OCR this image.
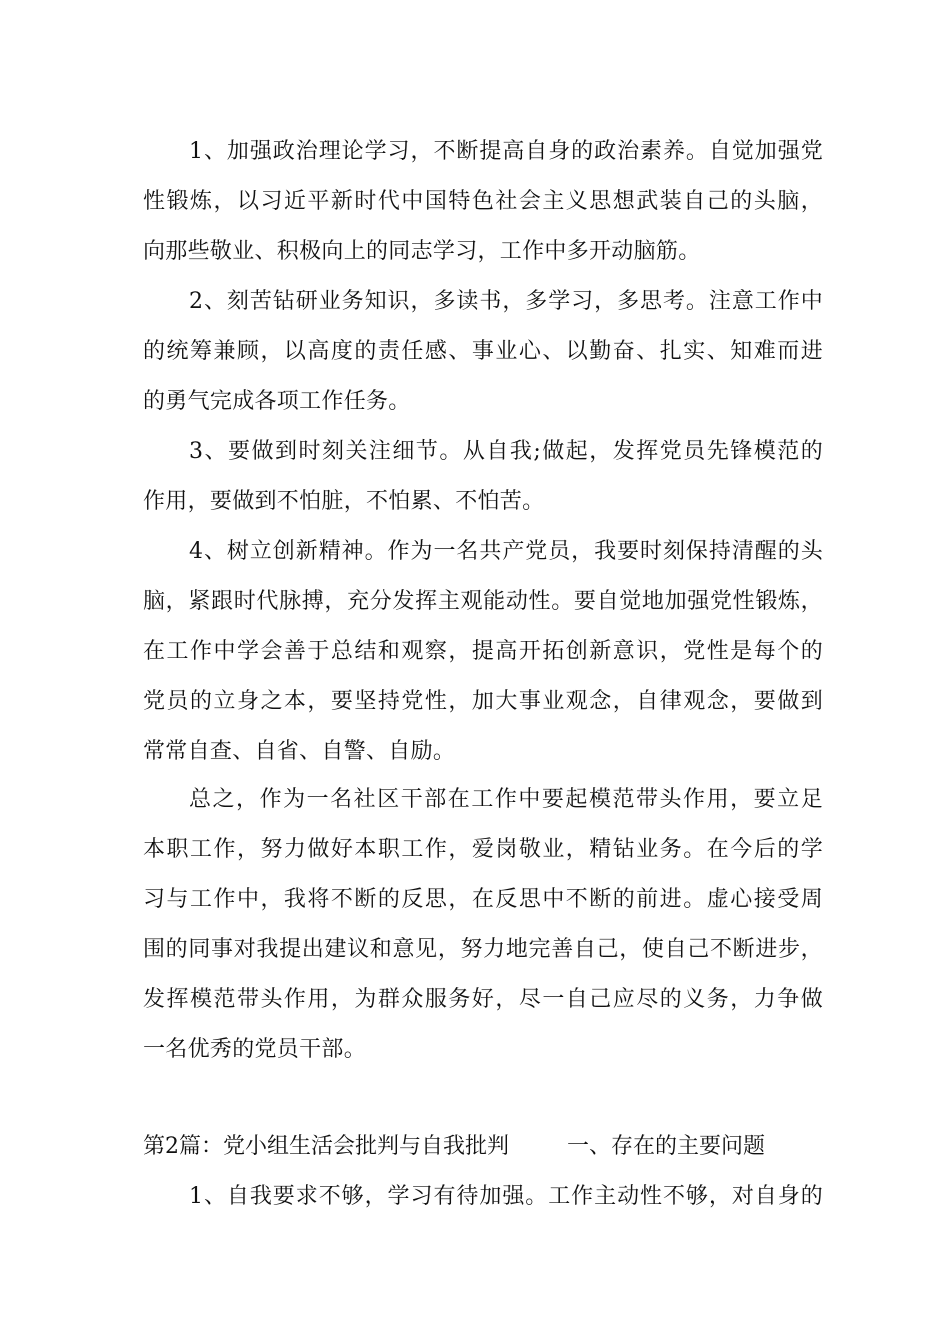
1、加强政治理论学习，不断提高自身的政治素养。自觉加强党
性锻炼，以习近平新时代中国特色社会主义思想武装自己的头脑，
向那些敬业、积极向上的同志学习，工作中多开动脑筋。
2、刻苦钻研业务知识，多读书，多学习，多思考。注意工作中
的统筹兼顾，以高度的责任感、事业心、以勤奋、扎实、知难而进
的勇气完成各项工作任务。
3、要做到时刻关注细节。从自我;做起，发挥党员先锋模范的
作用，要做到不怕脏，不怕累、不怕苦。
4、树立创新精神。作为一名共产党员，我要时刻保持清醒的头
脑，紧跟时代脉搏，充分发挥主观能动性。要自觉地加强党性锻炼，
在工作中学会善于总结和观察，提高开拓创新意识，党性是每个的
党员的立身之本，要坚持党性，加大事业观念，自律观念，要做到
常常自查、自省、自警、自励。
总之，作为一名社区干部在工作中要起模范带头作用，要立足
本职工作，努力做好本职工作，爱岗敬业，精钻业务。在今后的学
习与工作中，我将不断的反思，在反思中不断的前进。虚心接受周
围的同事对我提出建议和意见，努力地完善自己，使自己不断进步，
发挥模范带头作用，为群众服务好，尽一自己应尽的义务，力争做
一名优秀的党员干部。
第2篇：党小组生活会批判与自我批判	一、存在的主要问题
1、自我要求不够，学习有待加强。工作主动性不够，对自身的
